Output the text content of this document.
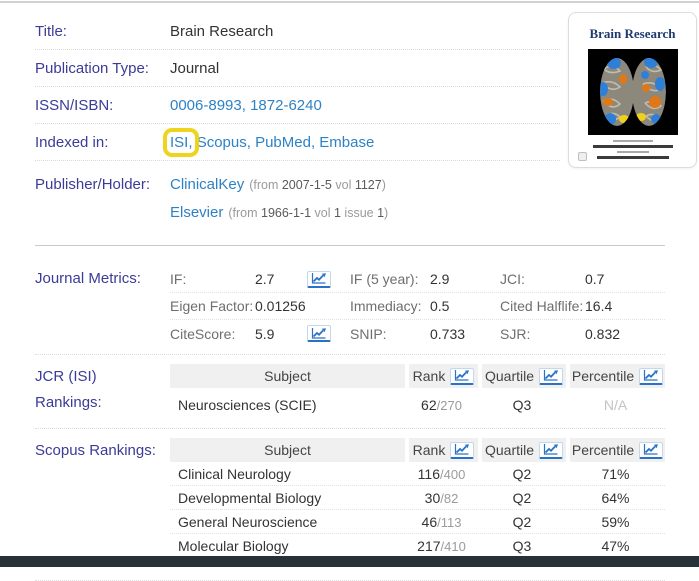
Title:	Brain Research
Publication Type:	Journal
ISSN/ISBN:	0006-8993, 1872-6240
Indexed in:	ISI
, Scopus, PubMed, Embase
Publisher/Holder:	ClinicalKey (from 2007-1-5 vol 1127)
Elsevier (from 1966-1-1 vol 1 issue 1)
Journal Metrics:	IF:	2.7	IF (5 year): 2.9	JCI:	0.7
Eigen Factor: 0.01256	Immediacy: 0.5	Cited Halflife: 16.4
CiteScore:	5.9	SNIP:	0.733 SJR:	0.832
JCR (ISI) Rankings:
Subject	Rank	Quartile	Percentile
Neurosciences (SCIE)	62/270	Q3	N/A
Scopus Rankings:	Subject	Rank	Quartile	Percentile
Clinical Neurology	116/400	Q2	71%
Developmental Biology	30/82	Q2	64%
General Neuroscience	46/113	Q2	59%
Molecular Biology	217/410	Q3	47%
Brain Research
